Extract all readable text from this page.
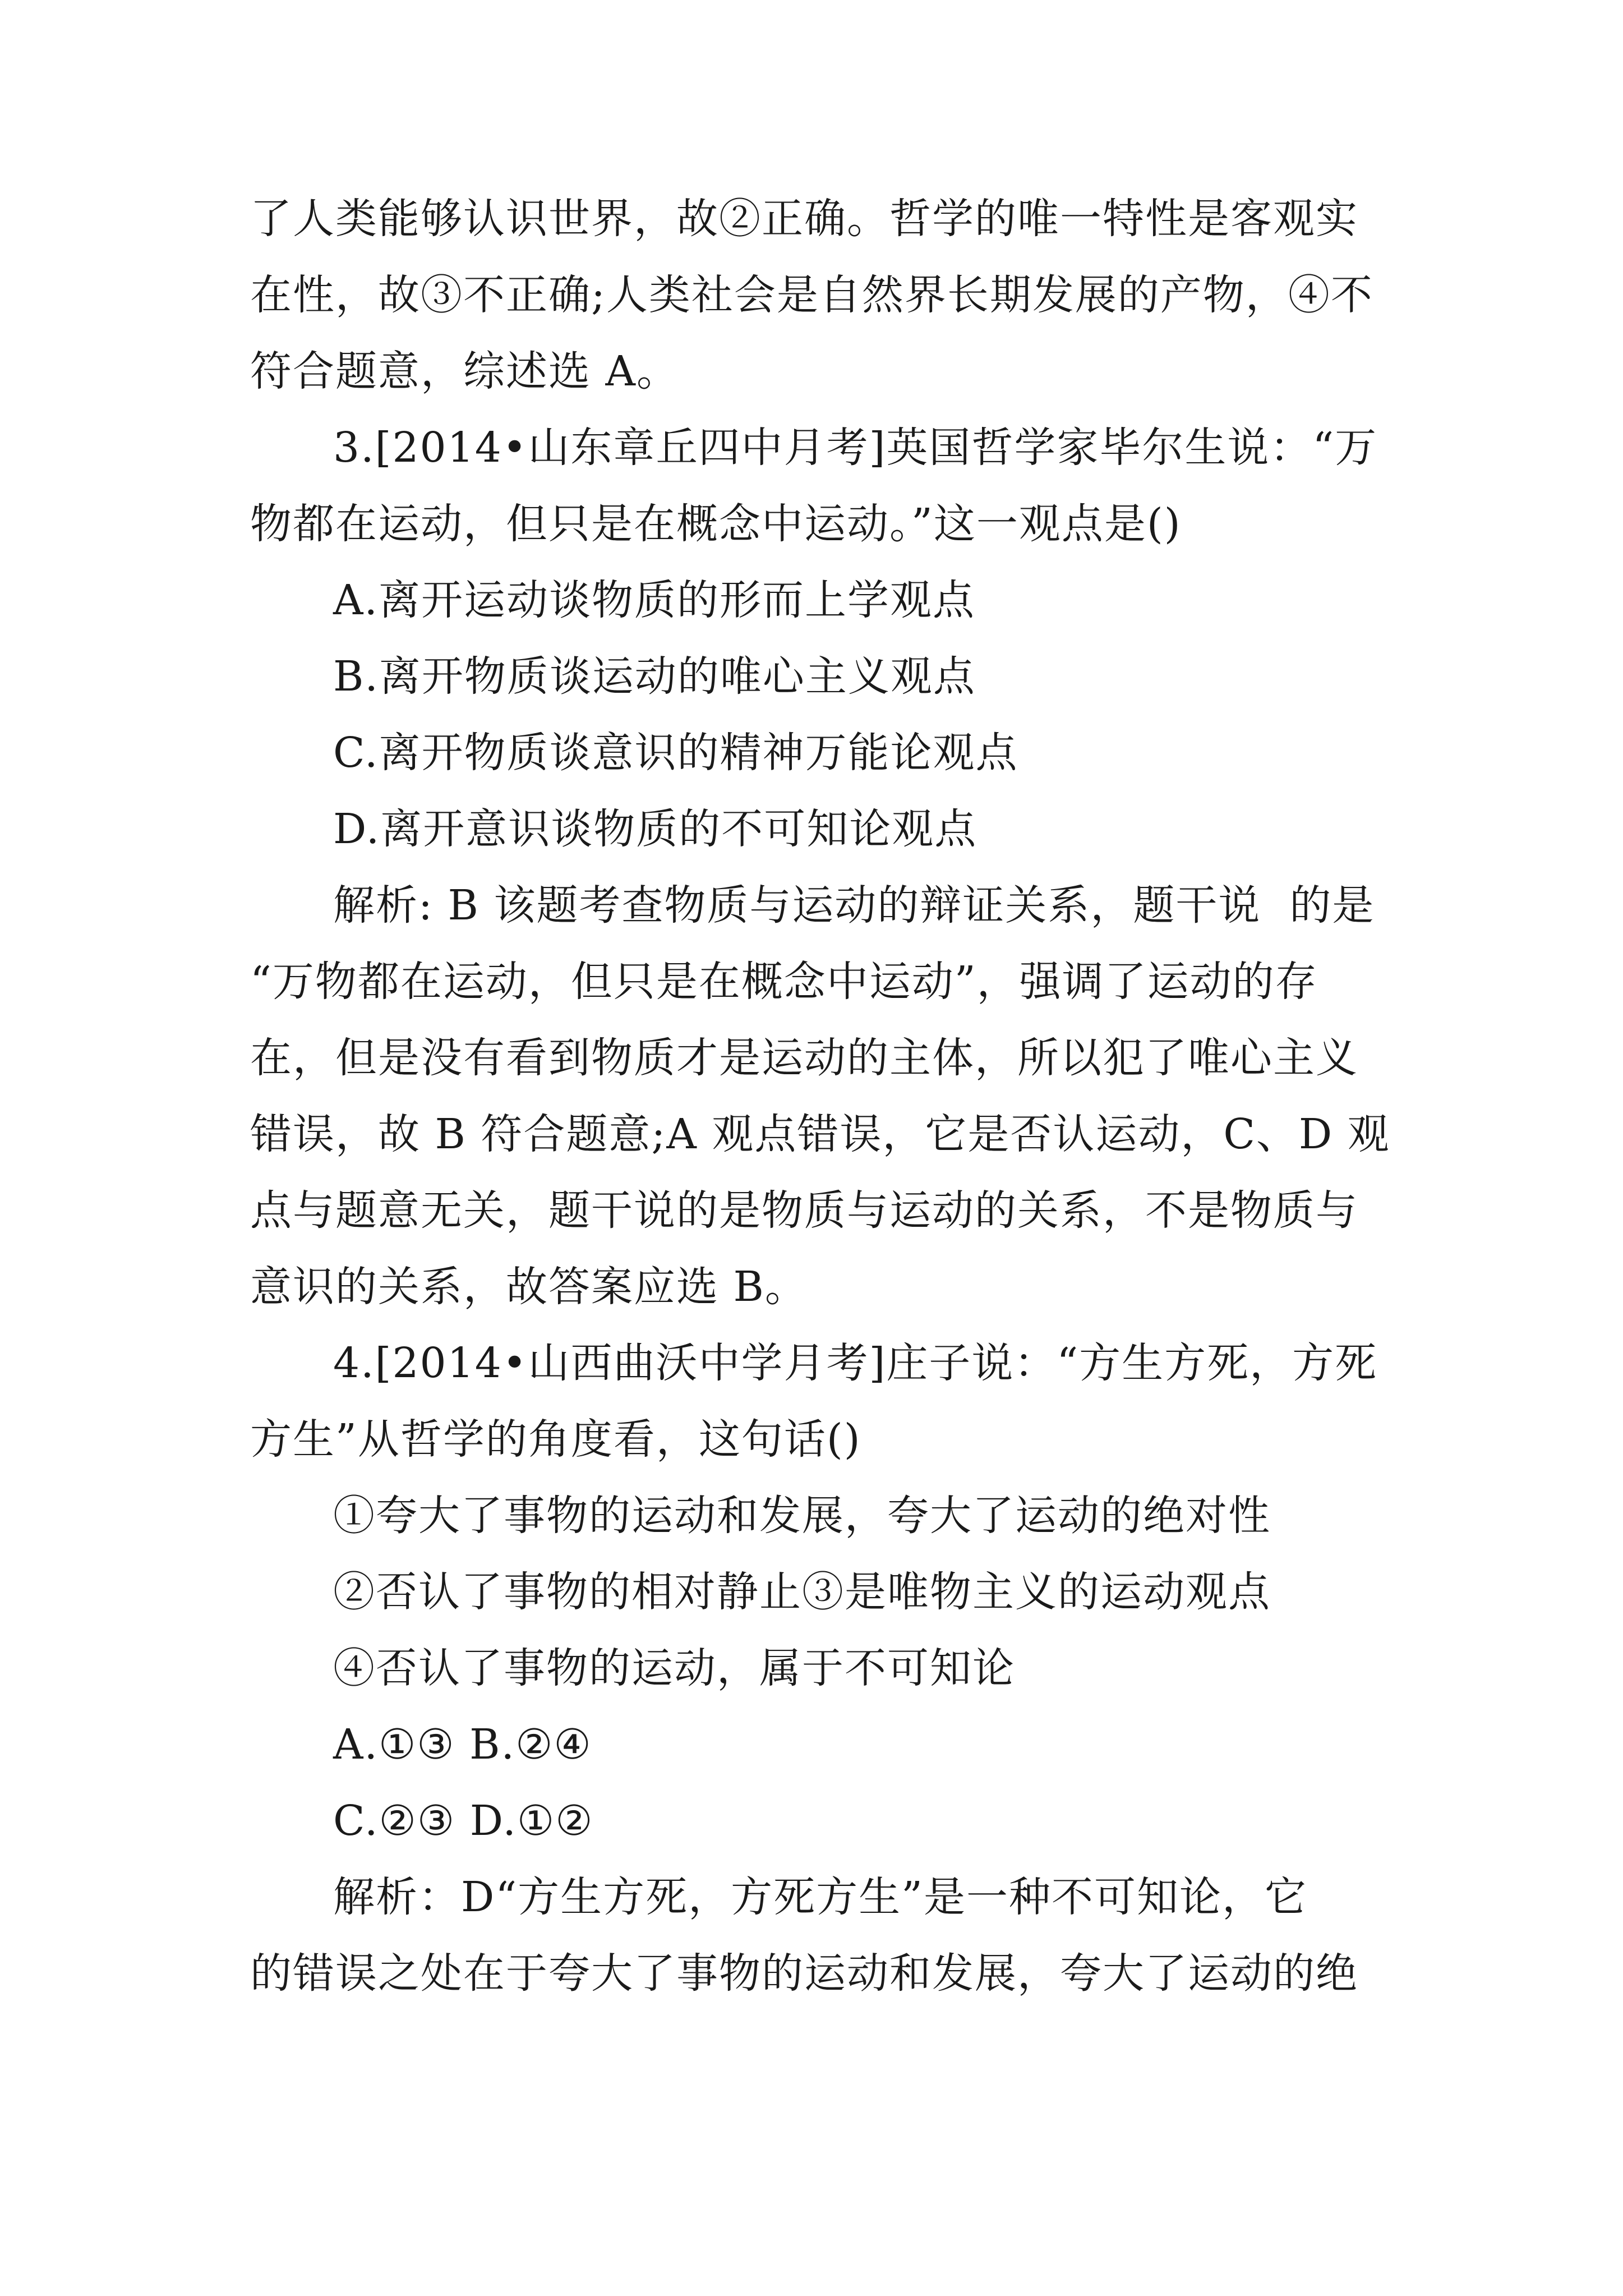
了人类能够认识世界，故②正确。哲学的唯一特性是客观实
在性，故③不正确;人类社会是自然界长期发展的产物，④不
符合题意，综述选 A。
3.[2014•山东章丘四中月考]英国哲学家毕尔生说：“万
物都在运动，但只是在概念中运动。”这一观点是()
A.离开运动谈物质的形而上学观点
B.离开物质谈运动的唯心主义观点
C.离开物质谈意识的精神万能论观点
D.离开意识谈物质的不可知论观点
解析: B 该题考查物质与运动的辩证关系，题干说  的是
“万物都在运动，但只是在概念中运动”，强调了运动的存
在，但是没有看到物质才是运动的主体，所以犯了唯心主义
错误，故 B 符合题意;A 观点错误，它是否认运动，C、D 观
点与题意无关，题干说的是物质与运动的关系，不是物质与
意识的关系，故答案应选 B。
4.[2014•山西曲沃中学月考]庄子说：“方生方死，方死
方生”从哲学的角度看，这句话()
①夸大了事物的运动和发展，夸大了运动的绝对性
②否认了事物的相对静止③是唯物主义的运动观点
④否认了事物的运动，属于不可知论
A.①③ B.②④
C.②③ D.①②
解析：D“方生方死，方死方生”是一种不可知论，它
的错误之处在于夸大了事物的运动和发展，夸大了运动的绝
